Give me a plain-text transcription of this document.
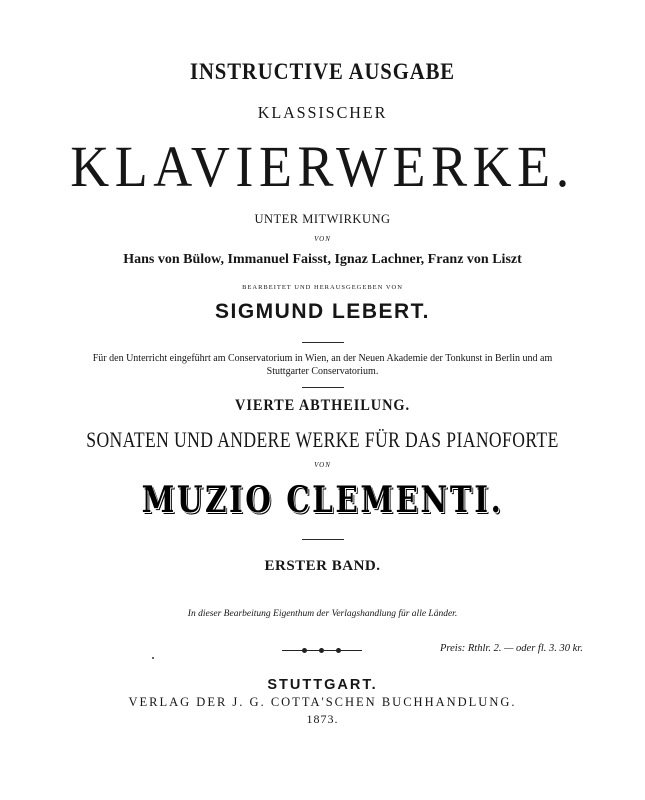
INSTRUCTIVE AUSGABE
KLASSISCHER
KLAVIERWERKE.
UNTER MITWIRKUNG
VON
Hans von Bülow, Immanuel Faisst, Ignaz Lachner, Franz von Liszt
BEARBEITET UND HERAUSGEGEBEN VON
SIGMUND LEBERT.
Für den Unterricht eingeführt am Conservatorium in Wien, an der Neuen Akademie der Tonkunst in Berlin und am
Stuttgarter Conservatorium.
VIERTE ABTHEILUNG.
SONATEN UND ANDERE WERKE FÜR DAS PIANOFORTE
VON
MUZIO CLEMENTI.
ERSTER BAND.
In dieser Bearbeitung Eigenthum der Verlagshandlung für alle Länder.
Preis: Rthlr. 2. — oder fl. 3. 30 kr.
STUTTGART.
VERLAG DER J. G. COTTA'SCHEN BUCHHANDLUNG.
1873.
